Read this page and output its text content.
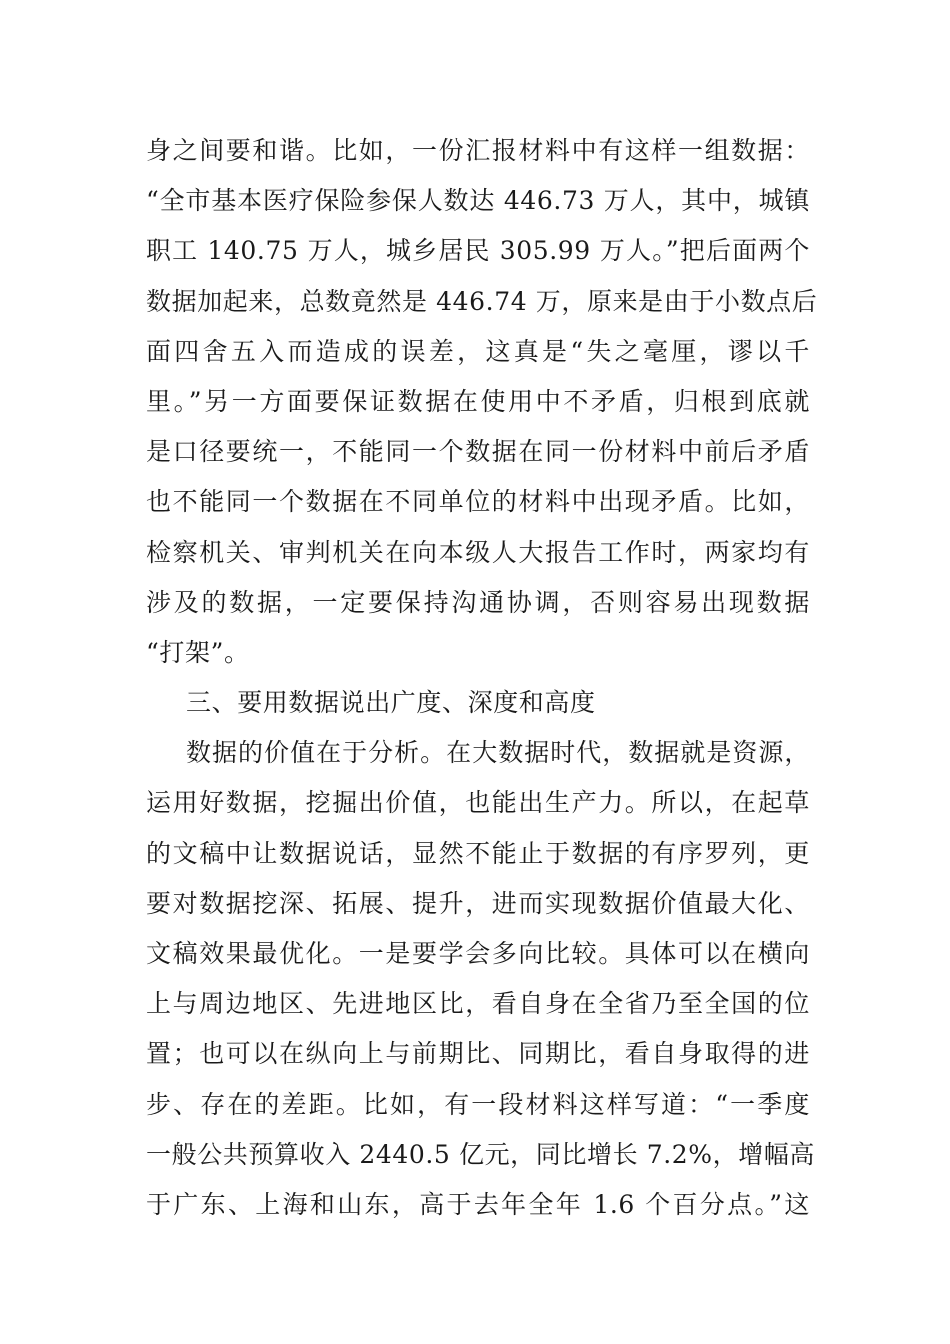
身之间要和谐。比如，一份汇报材料中有这样一组数据：
“全市基本医疗保险参保人数达 446.73 万人，其中，城镇
职工 140.75 万人，城乡居民 305.99 万人。”把后面两个
数据加起来，总数竟然是 446.74 万，原来是由于小数点后
面四舍五入而造成的误差，这真是“失之毫厘，谬以千
里。”另一方面要保证数据在使用中不矛盾，归根到底就
是口径要统一，不能同一个数据在同一份材料中前后矛盾
也不能同一个数据在不同单位的材料中出现矛盾。比如，
检察机关、审判机关在向本级人大报告工作时，两家均有
涉及的数据，一定要保持沟通协调，否则容易出现数据
“打架”。
三、要用数据说出广度、深度和高度
数据的价值在于分析。在大数据时代，数据就是资源，
运用好数据，挖掘出价值，也能出生产力。所以，在起草
的文稿中让数据说话，显然不能止于数据的有序罗列，更
要对数据挖深、拓展、提升，进而实现数据价值最大化、
文稿效果最优化。一是要学会多向比较。具体可以在横向
上与周边地区、先进地区比，看自身在全省乃至全国的位
置；也可以在纵向上与前期比、同期比，看自身取得的进
步、存在的差距。比如，有一段材料这样写道：“一季度
一般公共预算收入 2440.5 亿元，同比增长 7.2%，增幅高
于广东、上海和山东，高于去年全年 1.6 个百分点。”这
